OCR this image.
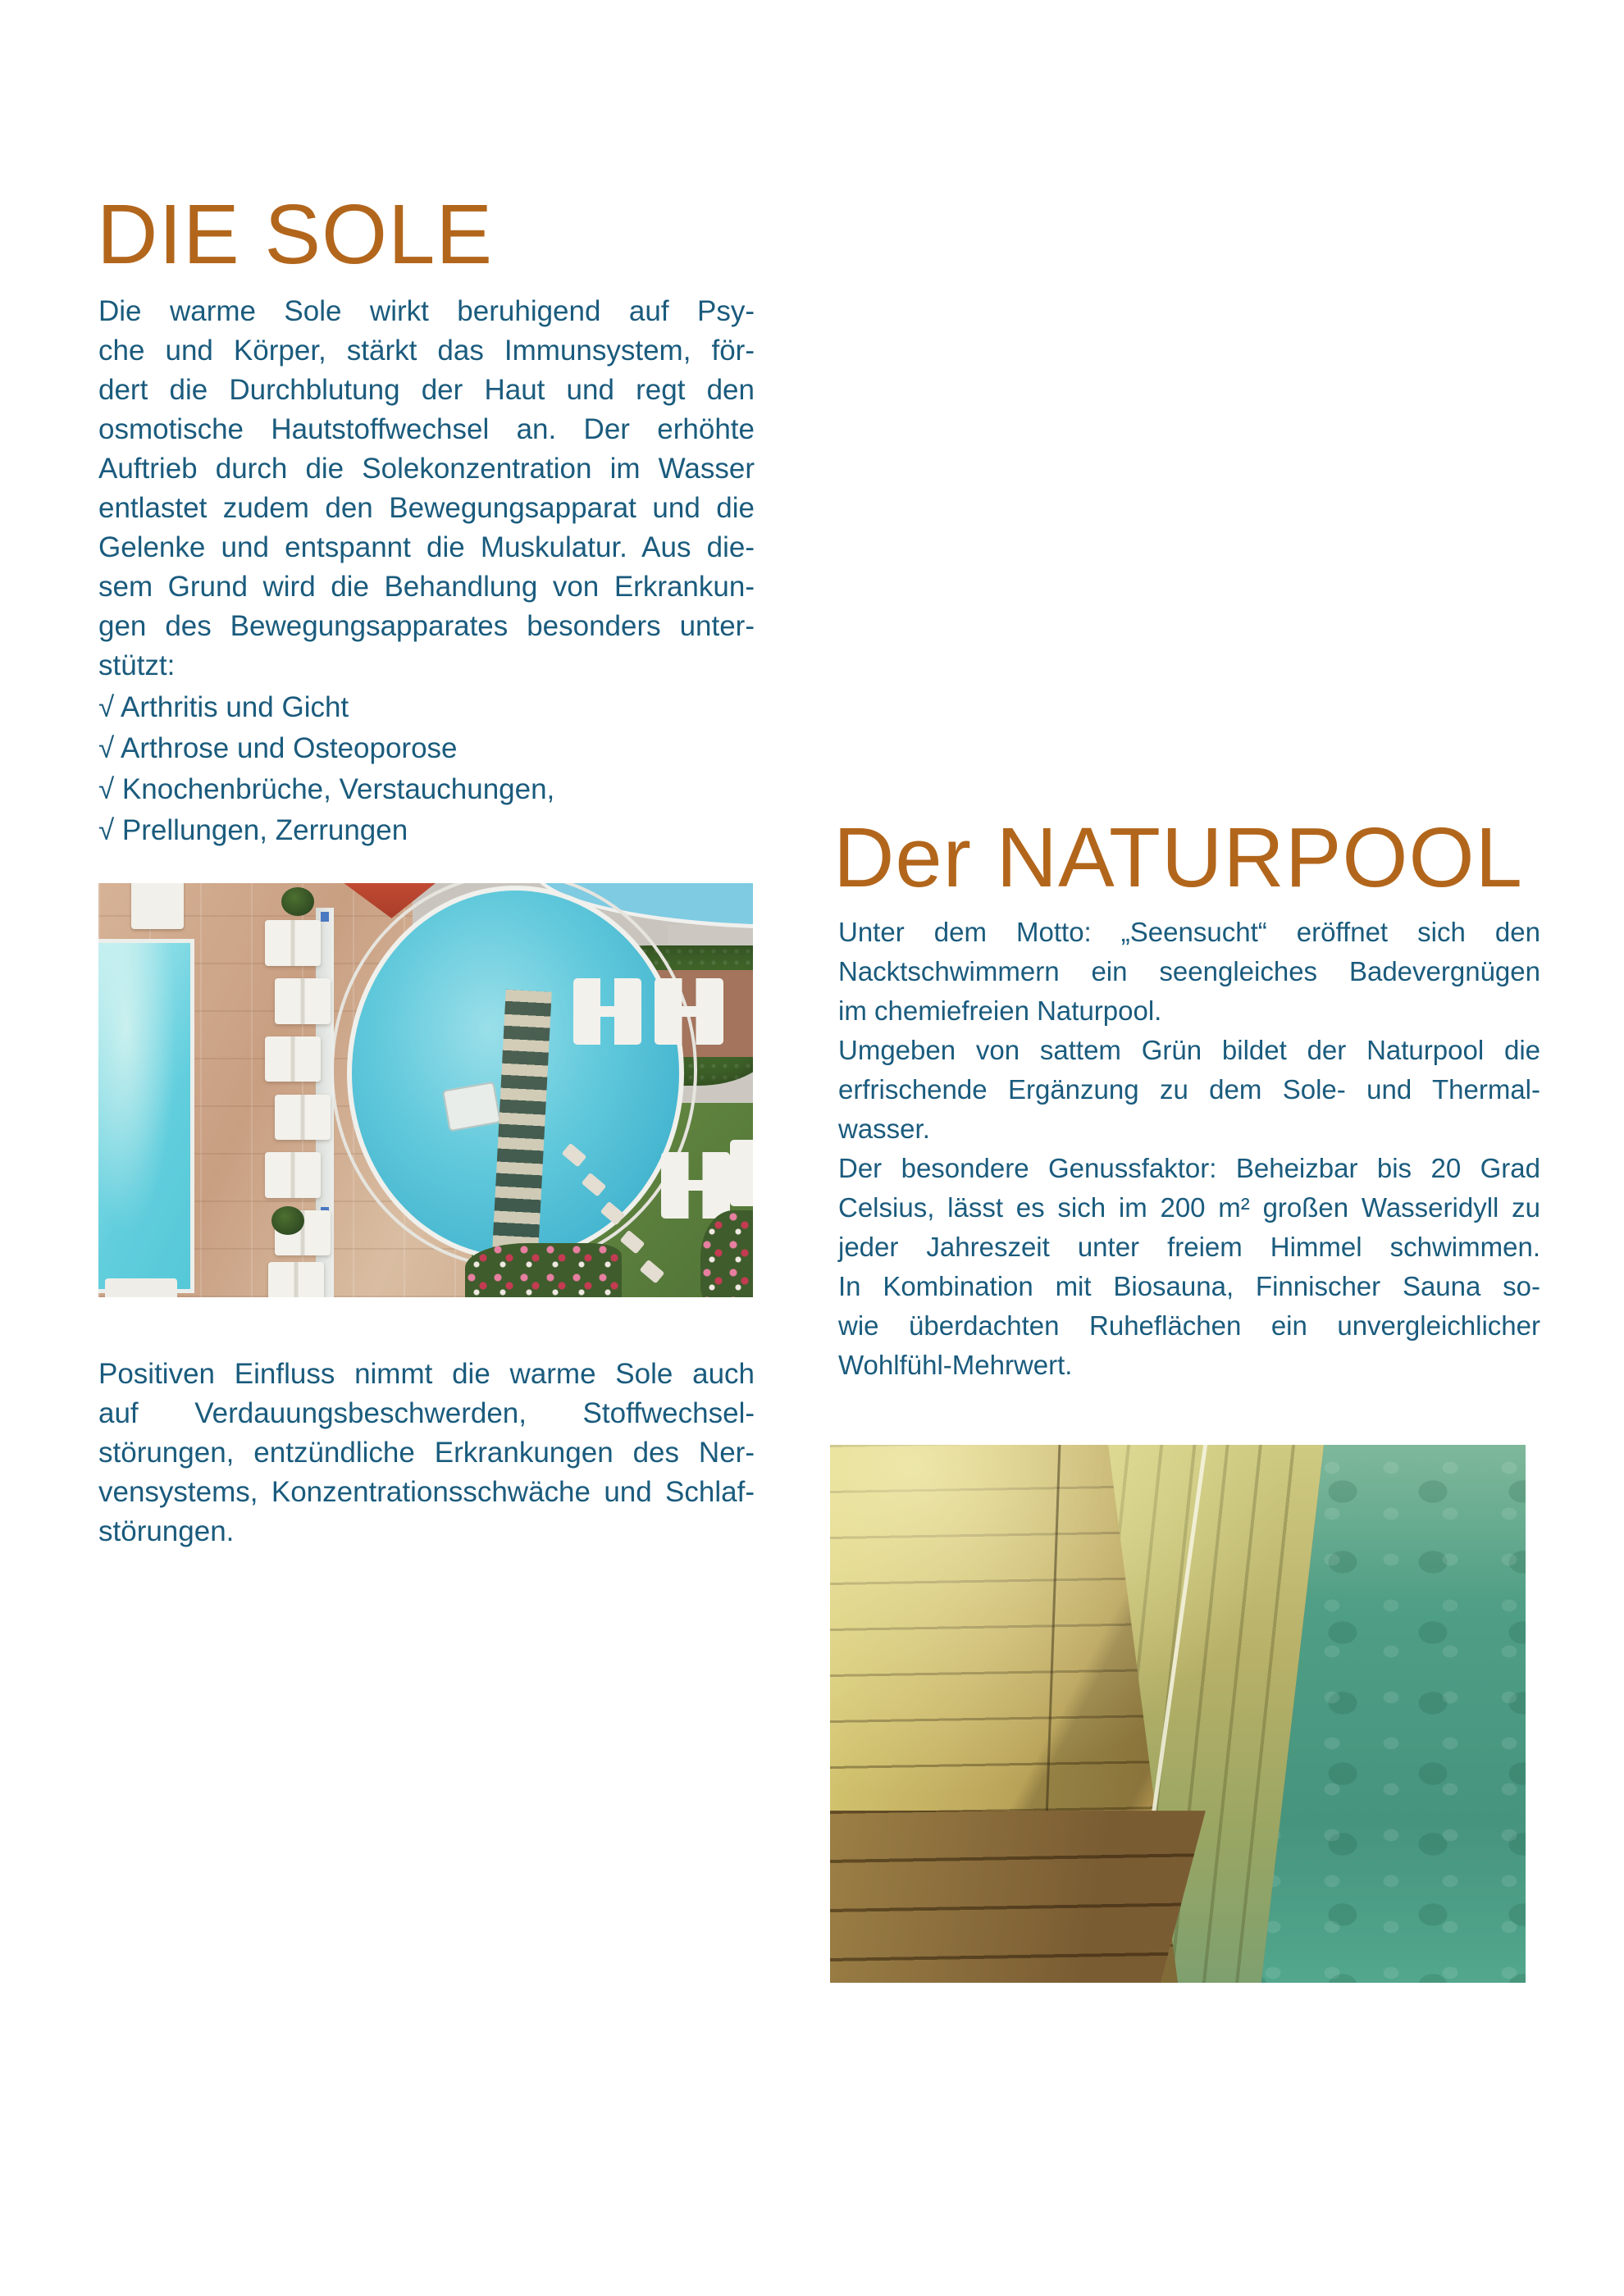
DIE SOLE
Die warme Sole wirkt beruhigend auf Psy-
che und Körper, stärkt das Immunsystem, för-
dert die Durchblutung der Haut und regt den
osmotische Hautstoffwechsel an. Der erhöhte
Auftrieb durch die Solekonzentration im Wasser
entlastet zudem den Bewegungsapparat und die
Gelenke und entspannt die Muskulatur. Aus die-
sem Grund wird die Behandlung von Erkrankun-
gen des Bewegungsapparates besonders unter-
stützt:
√ Arthritis und Gicht
√ Arthrose und Osteoporose
√ Knochenbrüche, Verstauchungen,
√ Prellungen, Zerrungen
Positiven Einfluss nimmt die warme Sole auch
auf Verdauungsbeschwerden, Stoffwechsel-
störungen, entzündliche Erkrankungen des Ner-
vensystems, Konzentrationsschwäche und Schlaf-
störungen.
Der NATURPOOL
Unter dem Motto: „Seensucht“ eröffnet sich den
Nacktschwimmern ein seengleiches Badevergnügen
im chemiefreien Naturpool.
Umgeben von sattem Grün bildet der Naturpool die
erfrischende Ergänzung zu dem Sole- und Thermal-
wasser.
Der besondere Genussfaktor: Beheizbar bis 20 Grad
Celsius, lässt es sich im 200 m² großen Wasseridyll zu
jeder Jahreszeit unter freiem Himmel schwimmen.
In Kombination mit Biosauna, Finnischer Sauna so-
wie überdachten Ruheflächen ein unvergleichlicher
Wohlfühl-Mehrwert.
